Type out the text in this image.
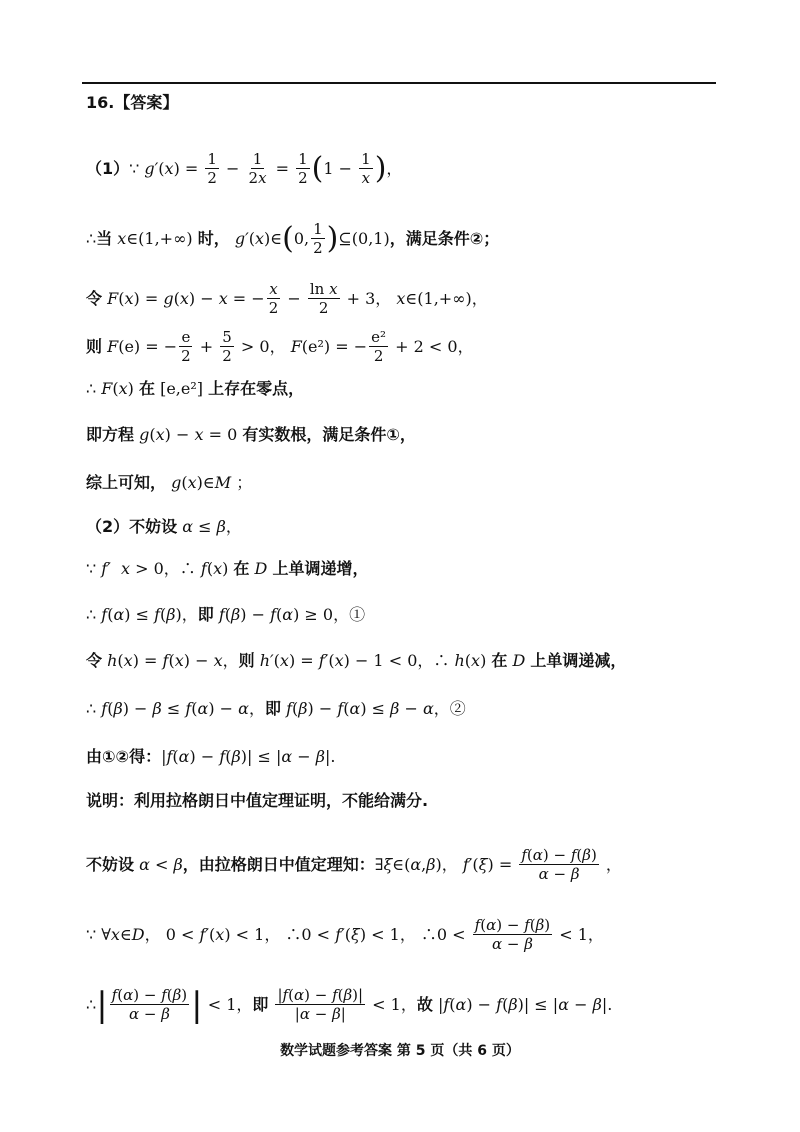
16.【答案】
（1） ∵ g′ ( x ) = $\frac{1}{2} - \frac{1}{2x} = \frac{1}{2}$ ( $1 - \frac{1}{x}$ ) ，
∴ 当
x ∈(1,+∞) 时，
g′ ( x )∈ ( 0, $\frac{1}{2}$ ) ⊆(0,1) ，满足条件②；
令
F ( x ) = g ( x ) − x = − $\frac{x}{2} - \frac{\text{ln x}}{2} + 3$， x ∈(1,+∞)，
则
F (e) = − $\frac{e}{2} + \frac{5}{2} > 0$， F (e²) = − $\frac{\text{e²}}{2} + 2 < 0$，
∴ F ( x ) 在 [e,e²] 上存在零点，
即方程
g ( x ) − x = 0 有实数根，满足条件①，
综上可知，
g ( x )∈ M ；
（2）不妨设
α ≤ β ，
∵ f′
x > 0，∴ f ( x ) 在
D
上单调递增，
∴ f ( α ) ≤ f ( β )， 即
f ( β ) − f ( α ) ≥ 0，①
令
h ( x ) = f ( x ) − x ， 则
h′ ( x ) = f′ ( x ) − 1 < 0，∴ h ( x ) 在
D
上单调递减，
∴ f ( β ) − β ≤ f ( α ) − α ， 即
f ( β ) − f ( α ) ≤ β − α ，②
由①②得： | f ( α ) − f ( β )| ≤ | α − β |.
说明：利用拉格朗日中值定理证明，不能给满分.
不妨设
α < β ，由拉格朗日中值定理知： ∃ ξ ∈( α , β )， f′ ( ξ ) = $\frac{f(\alpha) - f(\beta)}{\alpha - \beta}$ ，
∵ ∀ x ∈ D ， 0 < f′ ( x ) < 1， ∴0 < f′ ( ξ ) < 1， ∴0 < $\frac{f(\alpha) - f(\beta)}{\alpha - \beta} < 1$，
∴ | $\frac{f(\alpha) - f(\beta)}{\alpha - \beta}$ | < 1， 即
$\frac{|f(\alpha) - f(\beta)|}{|\alpha - \beta|} < 1$， 故 | f ( α ) − f ( β )| ≤ | α − β |.
数学试题参考答案 第 5 页（共 6 页）
